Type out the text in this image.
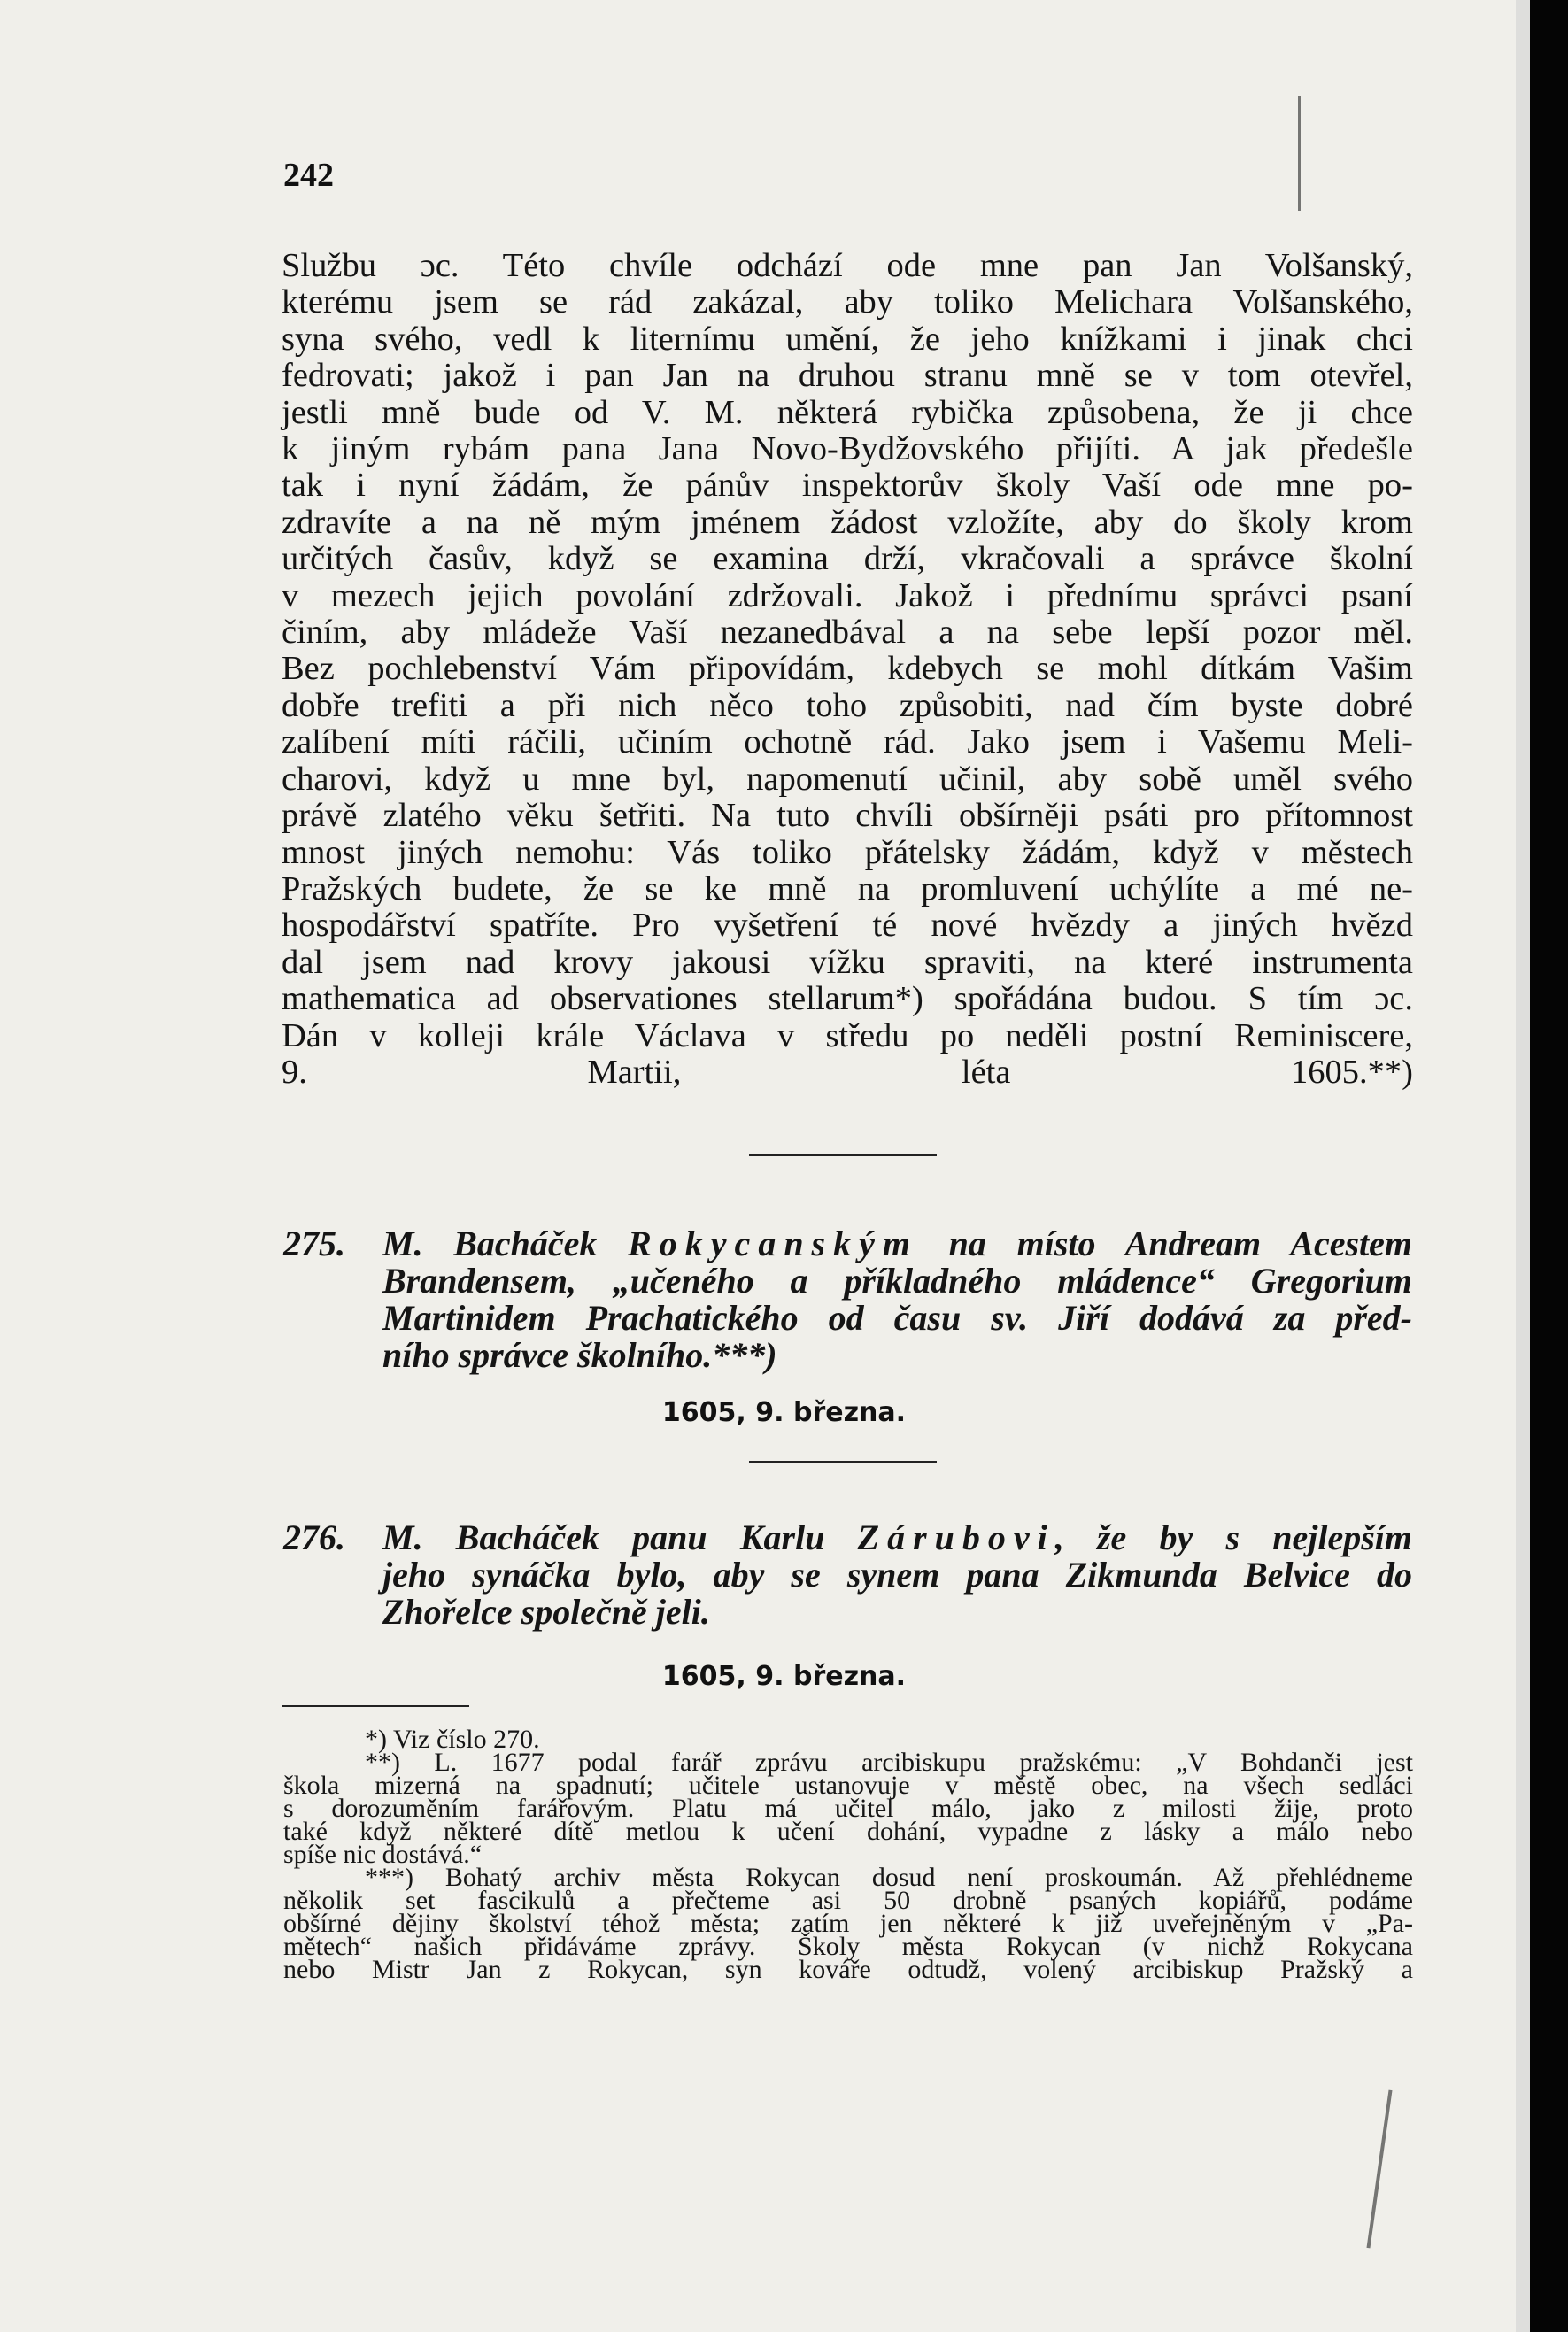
242
Službu ɔc. Této chvíle odchází ode mne pan Jan Volšanský,
kterému jsem se rád zakázal, aby toliko Melichara Volšanského,
syna svého, vedl k liternímu umění, že jeho knížkami i jinak chci
fedrovati; jakož i pan Jan na druhou stranu mně se v tom otevřel,
jestli mně bude od V. M. některá rybička způsobena, že ji chce
k jiným rybám pana Jana Novo-Bydžovského přijíti. A jak předešle
tak i nyní žádám, že pánův inspektorův školy Vaší ode mne po-
zdravíte a na ně mým jménem žádost vzložíte, aby do školy krom
určitých časův, když se examina drží, vkračovali a správce školní
v mezech jejich povolání zdržovali. Jakož i přednímu správci psaní
činím, aby mládeže Vaší nezanedbával a na sebe lepší pozor měl.
Bez pochlebenství Vám připovídám, kdebych se mohl dítkám Vašim
dobře trefiti a při nich něco toho způsobiti, nad čím byste dobré
zalíbení míti ráčili, učiním ochotně rád. Jako jsem i Vašemu Meli-
charovi, když u mne byl, napomenutí učinil, aby sobě uměl svého
právě zlatého věku šetřiti. Na tuto chvíli obšírněji psáti pro přítomnost
mnost jiných nemohu: Vás toliko přátelsky žádám, když v městech
Pražských budete, že se ke mně na promluvení uchýlíte a mé ne-
hospodářství spatříte. Pro vyšetření té nové hvězdy a jiných hvězd
dal jsem nad krovy jakousi vížku spraviti, na které instrumenta
mathematica ad observationes stellarum*) spořádána budou. S tím ɔc.
Dán v kolleji krále Václava v středu po neděli postní Reminiscere,
9. Martii, léta 1605.**)
275. M. Bacháček Rokycanským na místo Andream Acestem
Brandensem, „učeného a příkladného mládence“ Gregorium
Martinidem Prachatického od času sv. Jiří dodává za před-
ního správce školního.***)
1605, 9. března.
276. M. Bacháček panu Karlu Zárubovi, že by s nejlepším
jeho synáčka bylo, aby se synem pana Zikmunda Belvice do
Zhořelce společně jeli.
1605, 9. března.
*) Viz číslo 270.
**) L. 1677 podal farář zprávu arcibiskupu pražskému: „V Bohdanči jest
škola mizerná na spadnutí; učitele ustanovuje v městě obec, na všech sedláci
s dorozuměním farářovým. Platu má učitel málo, jako z milosti žije, proto
také když některé dítě metlou k učení dohání, vypadne z lásky a málo nebo
spíše nic dostává.“
***) Bohatý archiv města Rokycan dosud není proskoumán. Až přehlédneme
několik set fascikulů a přečteme asi 50 drobně psaných kopiářů, podáme
obšírné dějiny školství téhož města; zatím jen některé k již uveřejněným v „Pa-
mětech“ našich přidáváme zprávy. Školy města Rokycan (v nichž Rokycana
nebo Mistr Jan z Rokycan, syn kováře odtudž, volený arcibiskup Pražský a
